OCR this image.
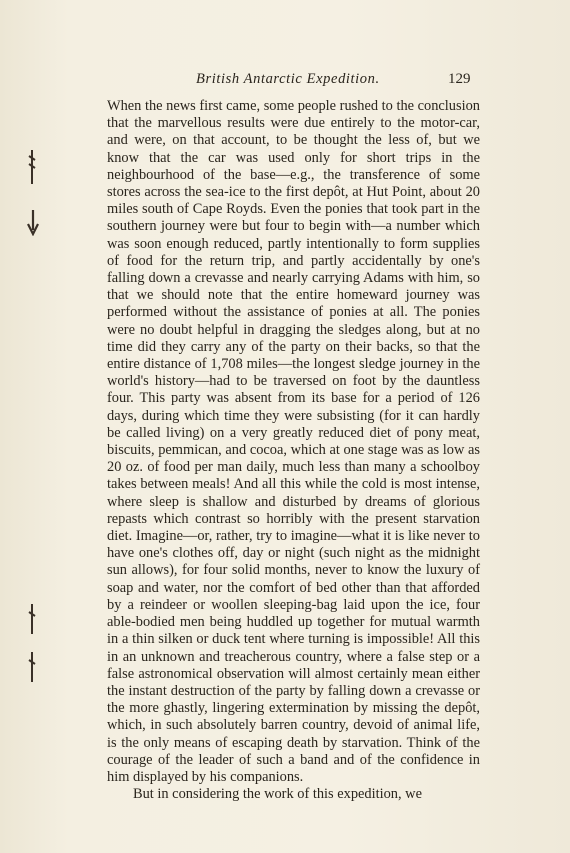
British Antarctic Expedition.	129

When the news first came, some people rushed to the conclusion that the marvellous results were due entirely to the motor-car, and were, on that account, to be thought the less of, but we know that the car was used only for short trips in the neighbourhood of the base—e.g., the transference of some stores across the sea-ice to the first depôt, at Hut Point, about 20 miles south of Cape Royds. Even the ponies that took part in the southern journey were but four to begin with—a number which was soon enough reduced, partly intentionally to form supplies of food for the return trip, and partly accidentally by one's falling down a crevasse and nearly carrying Adams with him, so that we should note that the entire homeward journey was performed without the assistance of ponies at all. The ponies were no doubt helpful in dragging the sledges along, but at no time did they carry any of the party on their backs, so that the entire distance of 1,708 miles—the longest sledge journey in the world's history—had to be traversed on foot by the dauntless four. This party was absent from its base for a period of 126 days, during which time they were subsisting (for it can hardly be called living) on a very greatly reduced diet of pony meat, biscuits, pemmican, and cocoa, which at one stage was as low as 20 oz. of food per man daily, much less than many a schoolboy takes between meals! And all this while the cold is most intense, where sleep is shallow and disturbed by dreams of glorious repasts which contrast so horribly with the present starvation diet. Imagine—or, rather, try to imagine—what it is like never to have one's clothes off, day or night (such night as the midnight sun allows), for four solid months, never to know the luxury of soap and water, nor the comfort of bed other than that afforded by a reindeer or woollen sleeping-bag laid upon the ice, four able-bodied men being huddled up together for mutual warmth in a thin silken or duck tent where turning is impossible! All this in an unknown and treacherous country, where a false step or a false astronomical observation will almost certainly mean either the instant destruction of the party by falling down a crevasse or the more ghastly, lingering extermination by missing the depôt, which, in such absolutely barren country, devoid of animal life, is the only means of escaping death by starvation. Think of the courage of the leader of such a band and of the confidence in him displayed by his companions.

But in considering the work of this expedition, we
